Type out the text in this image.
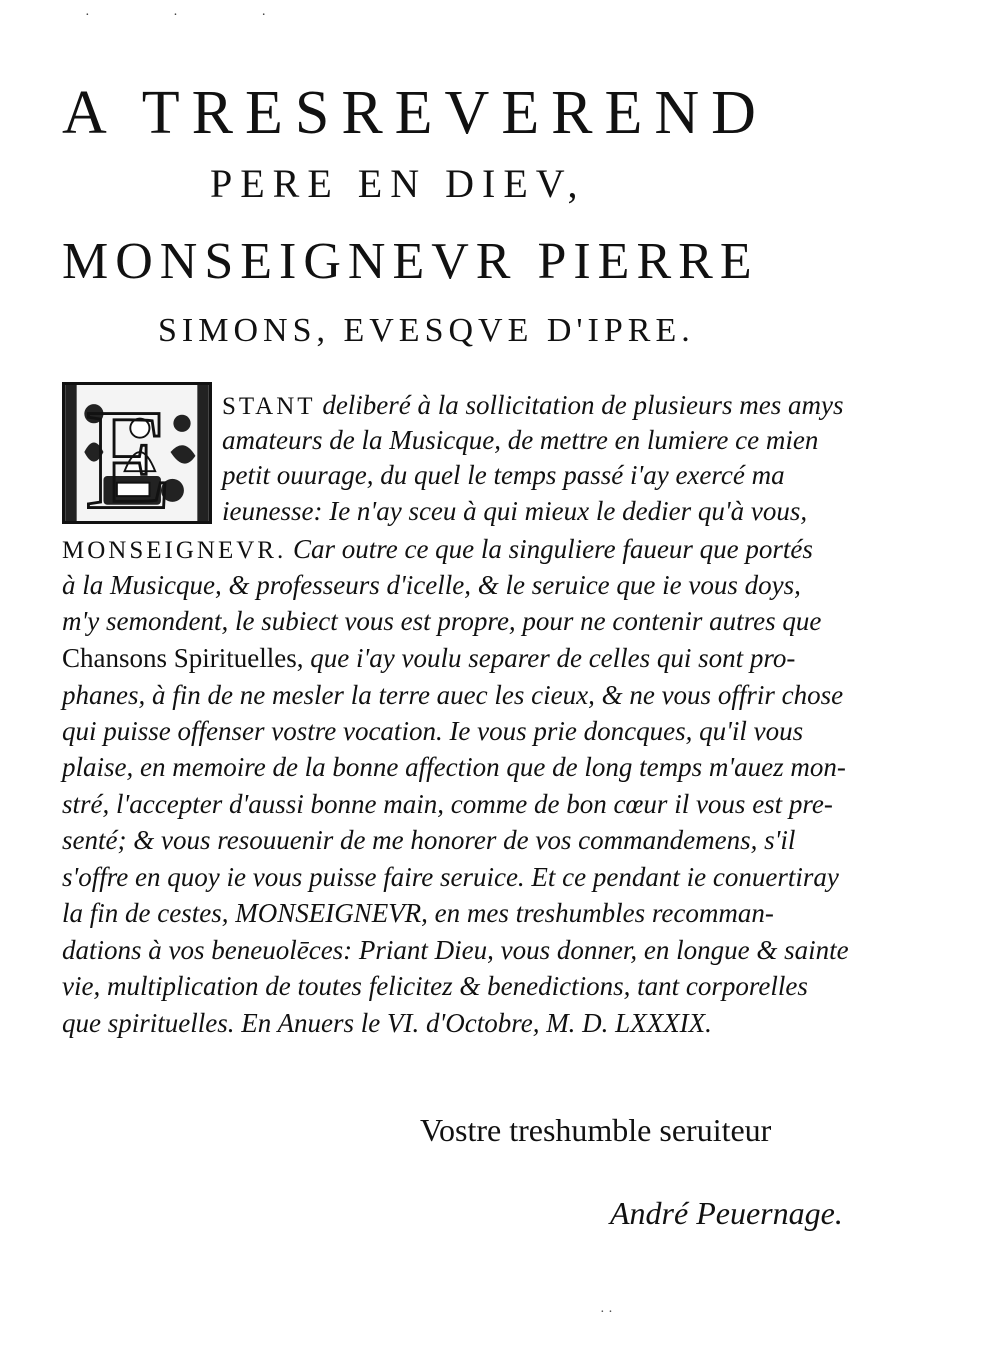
· · ·
A TRESREVEREND
PERE EN DIEV,
MONSEIGNEVR PIERRE
SIMONS, EVESQVE D'IPRE.
E STANT deliberé à la sollicitation de plusieurs mes amys
amateurs de la Musicque, de mettre en lumiere ce mien
petit ouurage, du quel le temps passé i'ay exercé ma
ieunesse: Ie n'ay sceu à qui mieux le dedier qu'à vous,
MONSEIGNEVR. Car outre ce que la singuliere faueur que portés
à la Musicque, & professeurs d'icelle, & le seruice que ie vous doys,
m'y semondent, le subiect vous est propre, pour ne contenir autres que
Chansons Spirituelles, que i'ay voulu separer de celles qui sont pro-
phanes, à fin de ne mesler la terre auec les cieux, & ne vous offrir chose
qui puisse offenser vostre vocation. Ie vous prie doncques, qu'il vous
plaise, en memoire de la bonne affection que de long temps m'auez mon-
stré, l'accepter d'aussi bonne main, comme de bon cœur il vous est pre-
senté; & vous resouuenir de me honorer de vos commandemens, s'il
s'offre en quoy ie vous puisse faire seruice. Et ce pendant ie conuertiray
la fin de cestes, MONSEIGNEVR, en mes treshumbles recomman-
dations à vos beneuolēces: Priant Dieu, vous donner, en longue & sainte
vie, multiplication de toutes felicitez & benedictions, tant corporelles
que spirituelles. En Anuers le VI. d'Octobre, M. D. LXXXIX.
Vostre treshumble seruiteur
André Peuernage.
· ·
